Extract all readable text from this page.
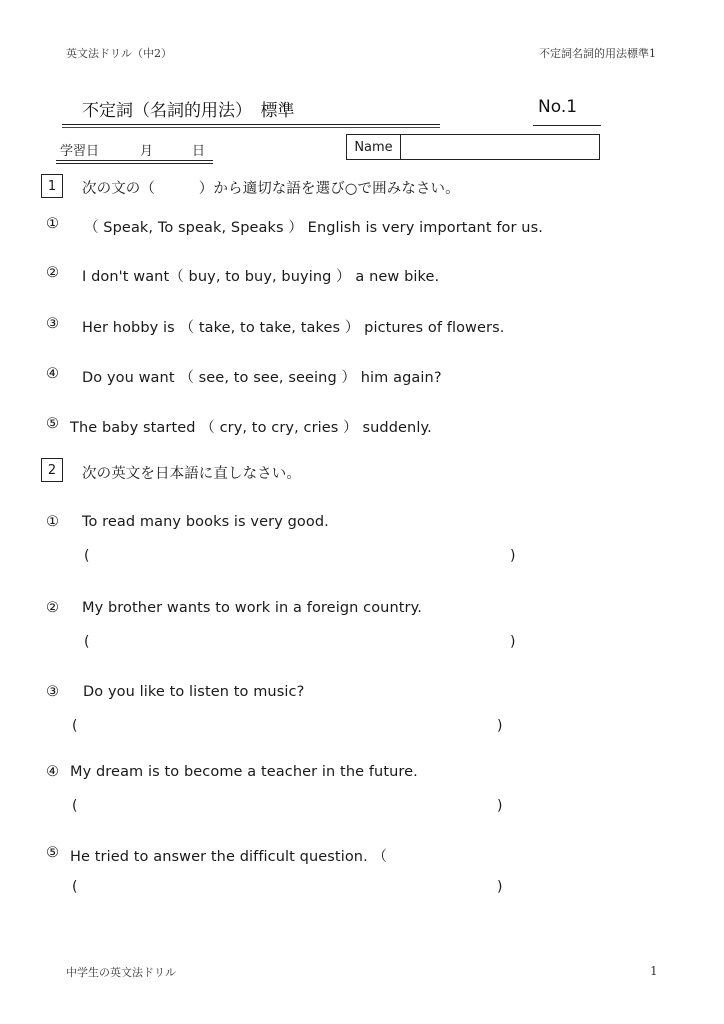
英文法ドリル（中2）	不定詞名詞的用法標準1
不定詞（名詞的用法）　標準	No.1
学習日	月	日	Name
1	次の文の（　　　）から適切な語を選び○で囲みなさい。
① （ Speak, To speak, Speaks ） English is very important for us.
② I don't want（ buy, to buy, buying ） a new bike.
③ Her hobby is （ take, to take, takes ） pictures of flowers.
④ Do you want （ see, to see, seeing ） him again?
⑤ The baby started （ cry, to cry, cries ） suddenly.
2	次の英文を日本語に直しなさい。
① To read many books is very good.
(	)
② My brother wants to work in a foreign country.
(	)
③ Do you like to listen to music?
(	)
④ My dream is to become a teacher in the future.
(	)
⑤ He tried to answer the difficult question. （
(	)
中学生の英文法ドリル	1
